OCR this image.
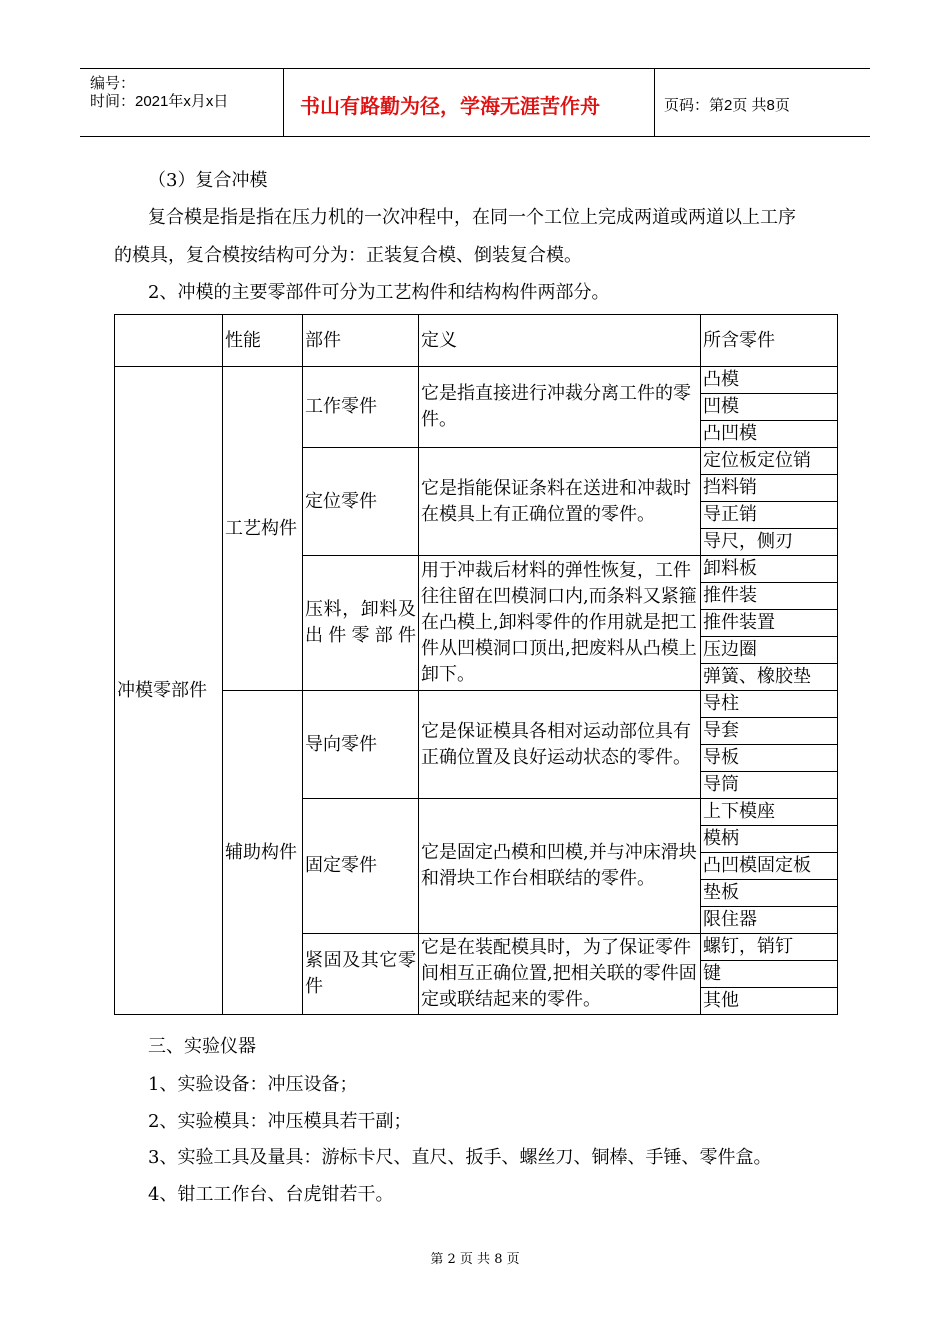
编号：
时间：2021年x月x日	书山有路勤为径，学海无涯苦作舟	页码：第2页 共8页
（3）复合冲模
复合模是指是指在压力机的一次冲程中，在同一个工位上完成两道或两道以上工序
的模具，复合模按结构可分为：正装复合模、倒装复合模。
2、冲模的主要零部件可分为工艺构件和结构构件两部分。
	性能	部件	定义	所含零件
冲模零部件	工艺构件	工作零件	它是指直接进行冲裁分离工件的零件。	凸模
				凹模
				凸凹模
		定位零件	它是指能保证条料在送进和冲裁时在模具上有正确位置的零件。	定位板定位销
				挡料销
				导正销
				导尺，侧刃
		压料，卸料及出件零部件	用于冲裁后材料的弹性恢复，工件往往留在凹模洞口内,而条料又紧箍在凸模上,卸料零件的作用就是把工件从凹模洞口顶出,把废料从凸模上卸下。	卸料板
				推件装
				推件装置
				压边圈
				弹簧、橡胶垫
	辅助构件	导向零件	它是保证模具各相对运动部位具有正确位置及良好运动状态的零件。	导柱
				导套
				导板
				导筒
		固定零件	它是固定凸模和凹模,并与冲床滑块和滑块工作台相联结的零件。	上下模座
				模柄
				凸凹模固定板
				垫板
				限住器
		紧固及其它零件	它是在装配模具时，为了保证零件间相互正确位置,把相关联的零件固定或联结起来的零件。	螺钉，销钉
				键
				其他
三、实验仪器
1、实验设备：冲压设备；
2、实验模具：冲压模具若干副；
3、实验工具及量具：游标卡尺、直尺、扳手、螺丝刀、铜棒、手锤、零件盒。
4、钳工工作台、台虎钳若干。
第 2 页 共 8 页
